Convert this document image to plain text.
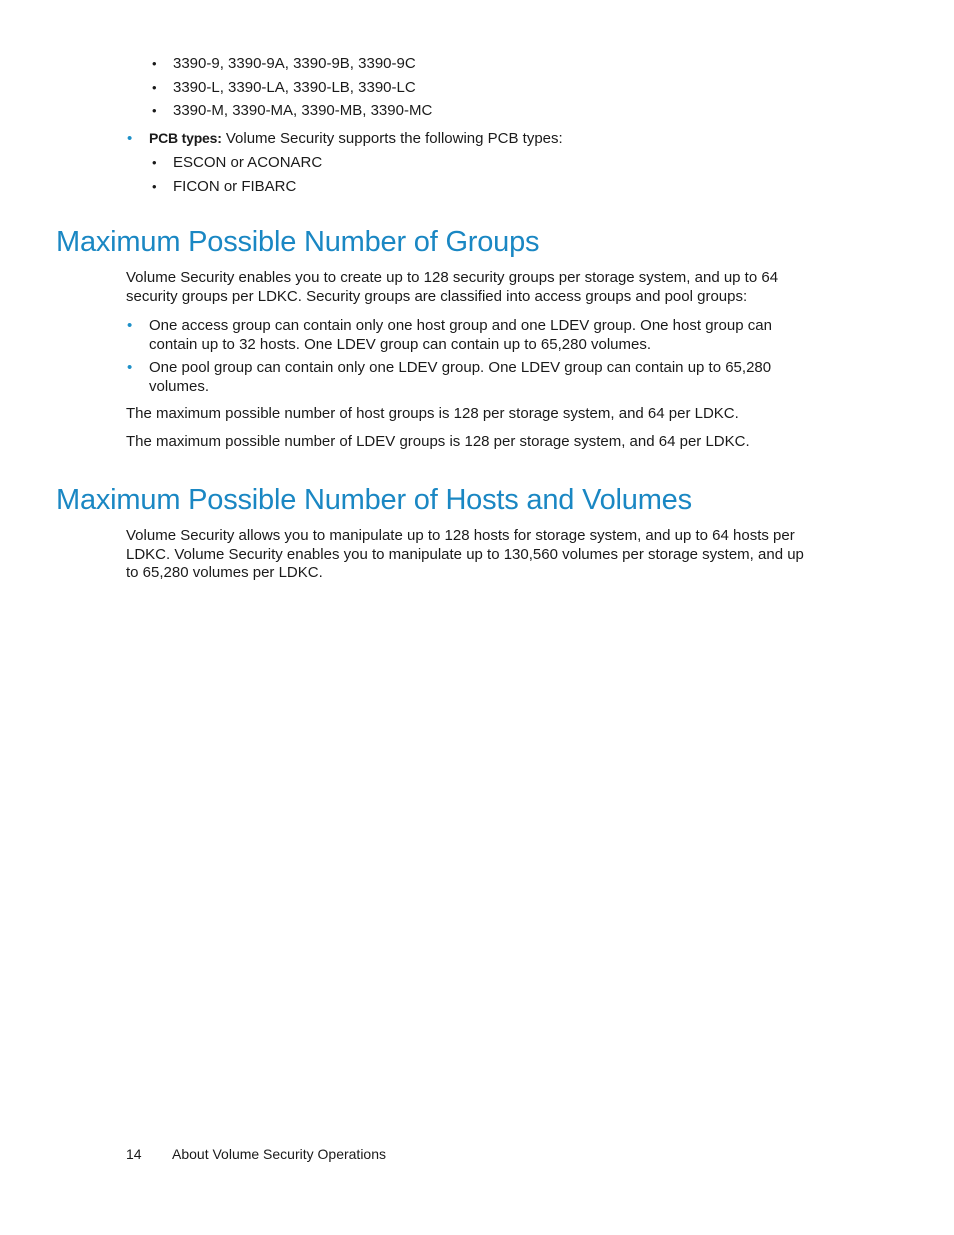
• 3390-9, 3390-9A, 3390-9B, 3390-9C
• 3390-L, 3390-LA, 3390-LB, 3390-LC
• 3390-M, 3390-MA, 3390-MB, 3390-MC
• PCB types: Volume Security supports the following PCB types:
• ESCON or ACONARC
• FICON or FIBARC
Maximum Possible Number of Groups

Volume Security enables you to create up to 128 security groups per storage system, and up to 64 security groups per LDKC. Security groups are classified into access groups and pool groups:

• One access group can contain only one host group and one LDEV group. One host group can contain up to 32 hosts. One LDEV group can contain up to 65,280 volumes.
• One pool group can contain only one LDEV group. One LDEV group can contain up to 65,280 volumes.

The maximum possible number of host groups is 128 per storage system, and 64 per LDKC.

The maximum possible number of LDEV groups is 128 per storage system, and 64 per LDKC.

Maximum Possible Number of Hosts and Volumes

Volume Security allows you to manipulate up to 128 hosts for storage system, and up to 64 hosts per LDKC. Volume Security enables you to manipulate up to 130,560 volumes per storage system, and up to 65,280 volumes per LDKC.

14 About Volume Security Operations
